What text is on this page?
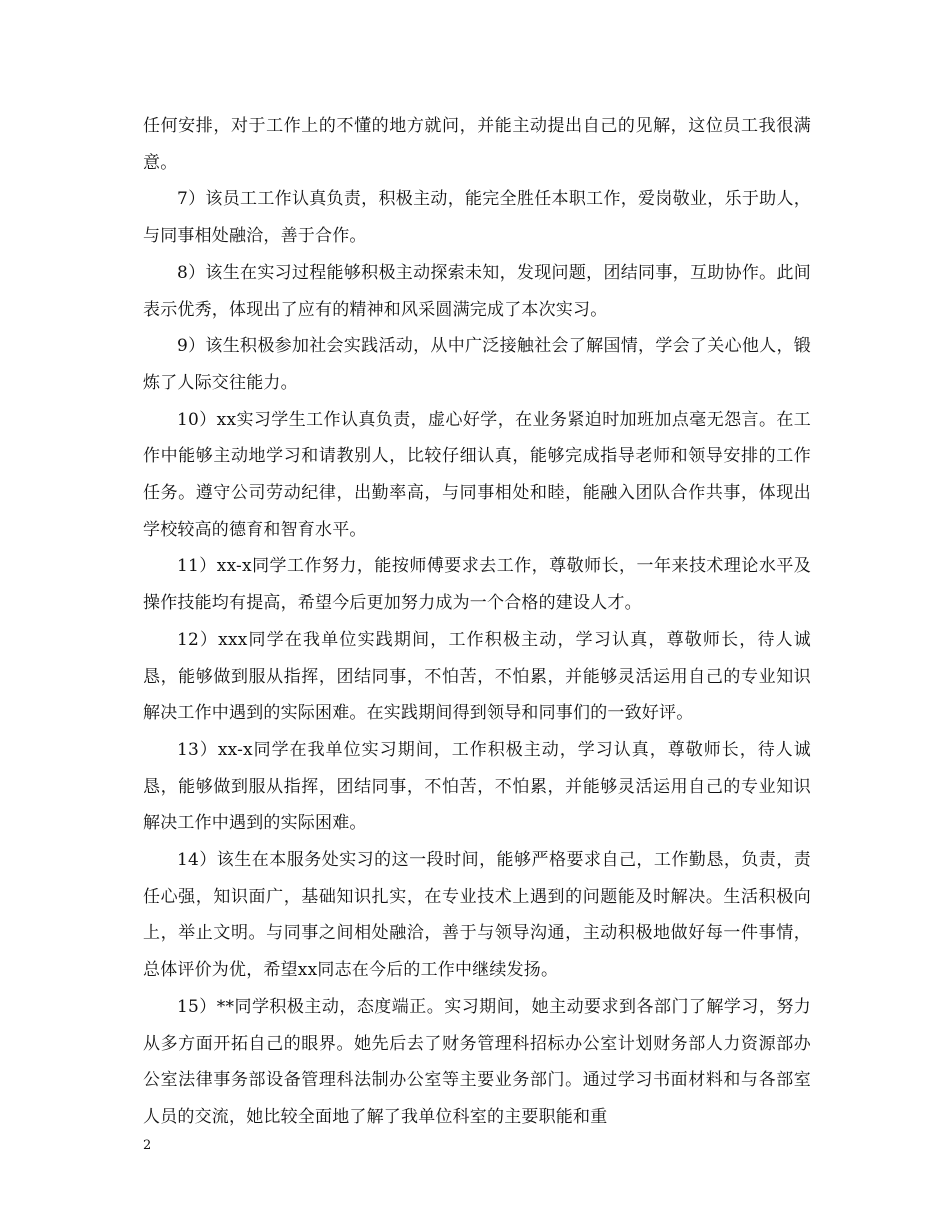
任何安排，对于工作上的不懂的地方就问，并能主动提出自己的见解，这位员工我很满意。

7）该员工工作认真负责，积极主动，能完全胜任本职工作，爱岗敬业，乐于助人，与同事相处融洽，善于合作。

8）该生在实习过程能够积极主动探索未知，发现问题，团结同事，互助协作。此间表示优秀，体现出了应有的精神和风采圆满完成了本次实习。

9）该生积极参加社会实践活动，从中广泛接触社会了解国情，学会了关心他人，锻炼了人际交往能力。

10）xx实习学生工作认真负责，虚心好学，在业务紧迫时加班加点毫无怨言。在工作中能够主动地学习和请教别人，比较仔细认真，能够完成指导老师和领导安排的工作任务。遵守公司劳动纪律，出勤率高，与同事相处和睦，能融入团队合作共事，体现出学校较高的德育和智育水平。

11）xx-x同学工作努力，能按师傅要求去工作，尊敬师长，一年来技术理论水平及操作技能均有提高，希望今后更加努力成为一个合格的建设人才。

12）xxx同学在我单位实践期间，工作积极主动，学习认真，尊敬师长，待人诚恳，能够做到服从指挥，团结同事，不怕苦，不怕累，并能够灵活运用自己的专业知识解决工作中遇到的实际困难。在实践期间得到领导和同事们的一致好评。

13）xx-x同学在我单位实习期间，工作积极主动，学习认真，尊敬师长，待人诚恳，能够做到服从指挥，团结同事，不怕苦，不怕累，并能够灵活运用自己的专业知识解决工作中遇到的实际困难。

14）该生在本服务处实习的这一段时间，能够严格要求自己，工作勤恳，负责，责任心强，知识面广，基础知识扎实，在专业技术上遇到的问题能及时解决。生活积极向上，举止文明。与同事之间相处融洽，善于与领导沟通，主动积极地做好每一件事情，总体评价为优，希望xx同志在今后的工作中继续发扬。

15）**同学积极主动，态度端正。实习期间，她主动要求到各部门了解学习，努力从多方面开拓自己的眼界。她先后去了财务管理科招标办公室计划财务部人力资源部办公室法律事务部设备管理科法制办公室等主要业务部门。通过学习书面材料和与各部室人员的交流，她比较全面地了解了我单位科室的主要职能和重

2
